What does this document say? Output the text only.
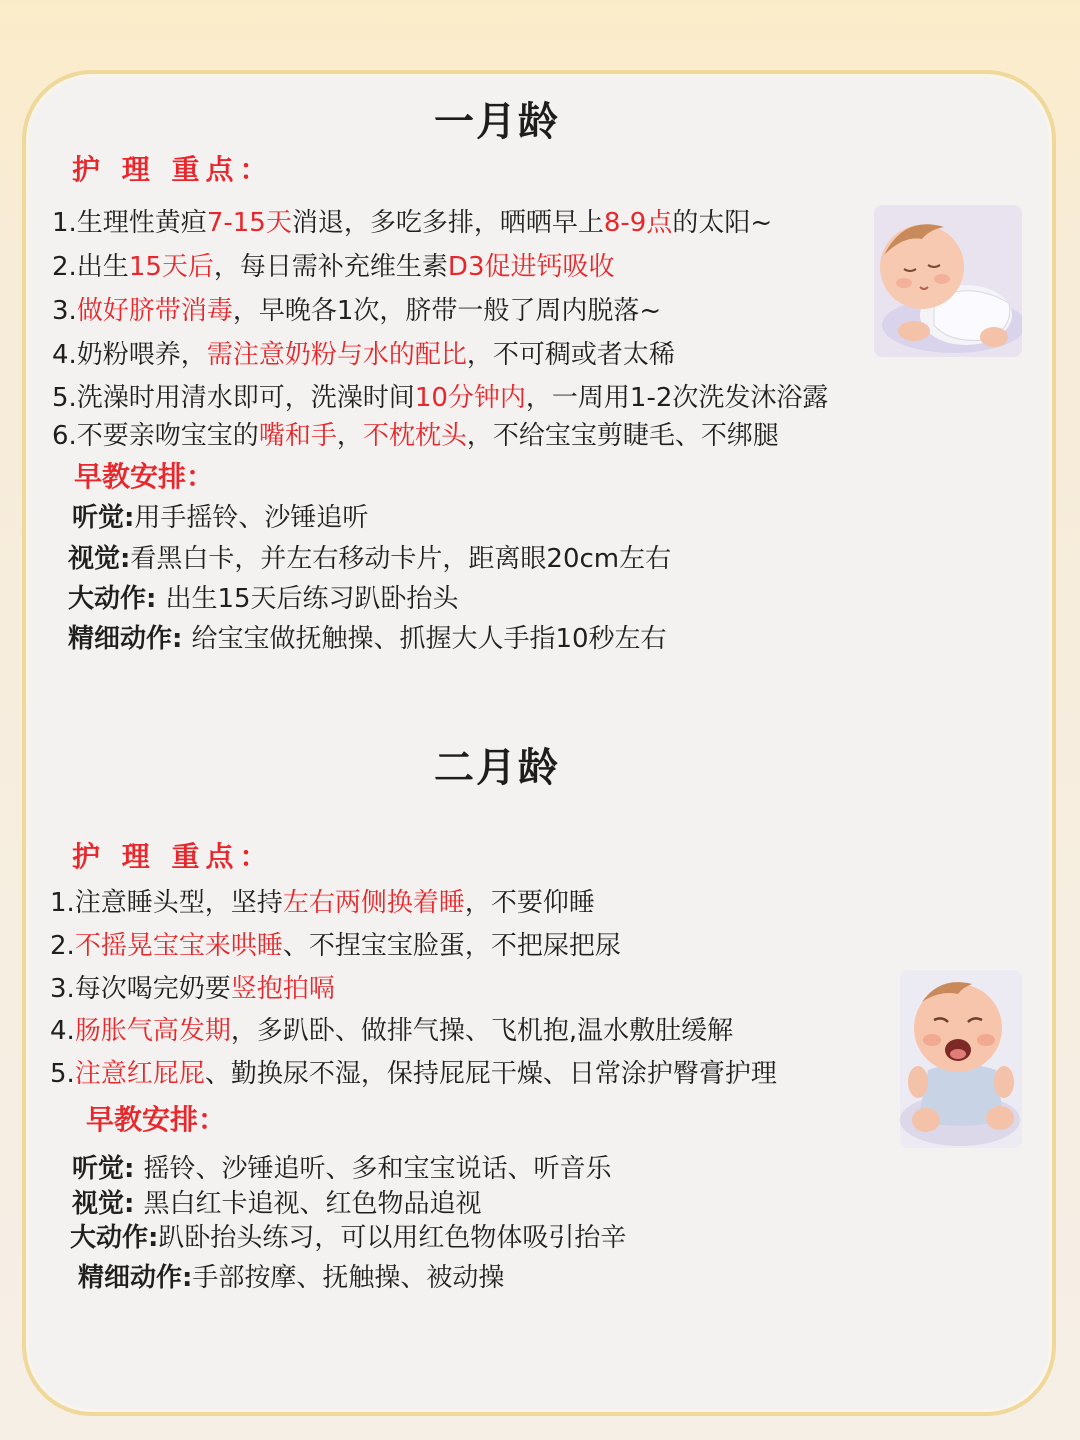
一月龄
护 理 重点：
1.生理性黄疸7-15天消退，多吃多排，晒晒早上8-9点的太阳~
2.出生15天后，每日需补充维生素D3促进钙吸收
3.做好脐带消毒，早晚各1次，脐带一般了周内脱落~
4.奶粉喂养，需注意奶粉与水的配比，不可稠或者太稀
5.洗澡时用清水即可，洗澡时间10分钟内，一周用1-2次洗发沐浴露
6.不要亲吻宝宝的嘴和手，不枕枕头，不给宝宝剪睫毛、不绑腿
早教安排：
听觉:用手摇铃、沙锤追听
视觉:看黑白卡，并左右移动卡片，距离眼20cm左右
大动作: 出生15天后练习趴卧抬头
精细动作: 给宝宝做抚触操、抓握大人手指10秒左右
二月龄
护 理 重点：
1.注意睡头型，坚持左右两侧换着睡，不要仰睡
2.不摇晃宝宝来哄睡、不捏宝宝脸蛋，不把屎把尿
3.每次喝完奶要竖抱拍嗝
4.肠胀气高发期，多趴卧、做排气操、飞机抱,温水敷肚缓解
5.注意红屁屁、勤换尿不湿，保持屁屁干燥、日常涂护臀膏护理
早教安排：
听觉: 摇铃、沙锤追听、多和宝宝说话、听音乐
视觉: 黑白红卡追视、红色物品追视
大动作:趴卧抬头练习，可以用红色物体吸引抬辛
精细动作:手部按摩、抚触操、被动操
